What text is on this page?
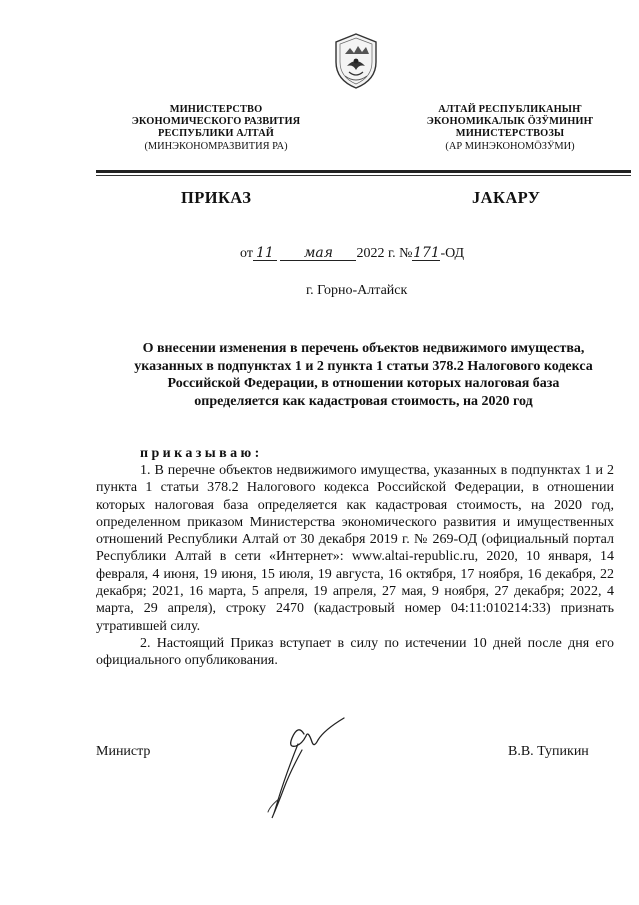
МИНИСТЕРСТВО
ЭКОНОМИЧЕСКОГО РАЗВИТИЯ
РЕСПУБЛИКИ АЛТАЙ
(МИНЭКОНОМРАЗВИТИЯ РА)
АЛТАЙ РЕСПУБЛИКАНЫҤ
ЭКОНОМИКАЛЫК ÖЗӰМИНИҤ
МИНИСТЕРСТВОЗЫ
(АР МИНЭКОНОМÖЗӰМИ)
ПРИКАЗ	ЈАКАРУ
от 11 мая 2022 г. №171-ОД
г. Горно-Алтайск
О внесении изменения в перечень объектов недвижимого имущества,
указанных в подпунктах 1 и 2 пункта 1 статьи 378.2 Налогового кодекса
Российской Федерации, в отношении которых налоговая база
определяется как кадастровая стоимость, на 2020 год
приказываю:

1. В перечне объектов недвижимого имущества, указанных в подпунктах 1 и 2 пункта 1 статьи 378.2 Налогового кодекса Российской Федерации, в отношении которых налоговая база определяется как кадастровая стоимость, на 2020 год, определенном приказом Министерства экономического развития и имущественных отношений Республики Алтай от 30 декабря 2019 г. № 269-ОД (официальный портал Республики Алтай в сети «Интернет»: www.altai-republic.ru, 2020, 10 января, 14 февраля, 4 июня, 19 июня, 15 июля, 19 августа, 16 октября, 17 ноября, 16 декабря, 22 декабря; 2021, 16 марта, 5 апреля, 19 апреля, 27 мая, 9 ноября, 27 декабря; 2022, 4 марта, 29 апреля), строку 2470 (кадастровый номер 04:11:010214:33) признать утратившей силу.

2. Настоящий Приказ вступает в силу по истечении 10 дней после дня его официального опубликования.

Министр	В.В. Тупикин
